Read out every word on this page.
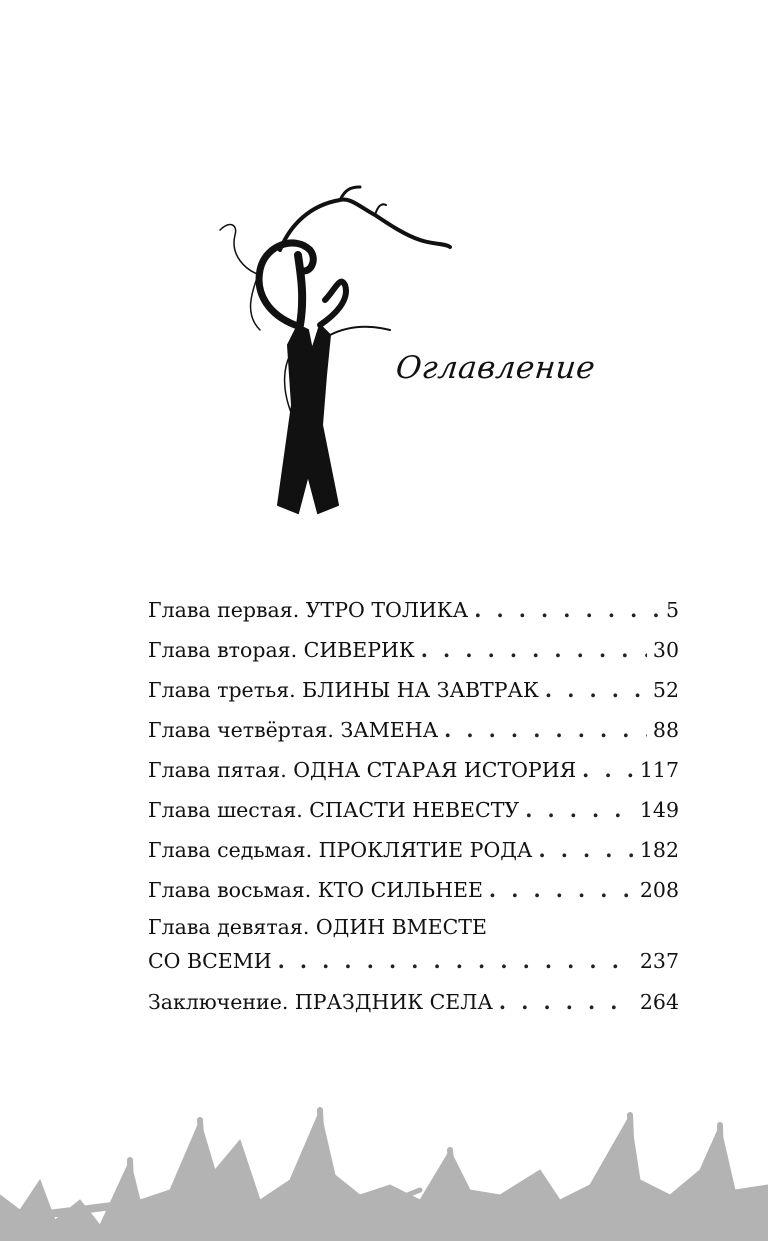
Оглавление
Глава первая. УТРО ТОЛИКА . . .	5
Глава вторая. СИВЕРИК . . .	30
Глава третья. БЛИНЫ НА ЗАВТРАК . . .	52
Глава четвёртая. ЗАМЕНА . . .	88
Глава пятая. ОДНА СТАРАЯ ИСТОРИЯ . . .	117
Глава шестая. СПАСТИ НЕВЕСТУ . . .	149
Глава седьмая. ПРОКЛЯТИЕ РОДА . . .	182
Глава восьмая. КТО СИЛЬНЕЕ . . .	208
Глава девятая. ОДИН ВМЕСТЕ
СО ВСЕМИ . . .	237
Заключение. ПРАЗДНИК СЕЛА . . .	264
